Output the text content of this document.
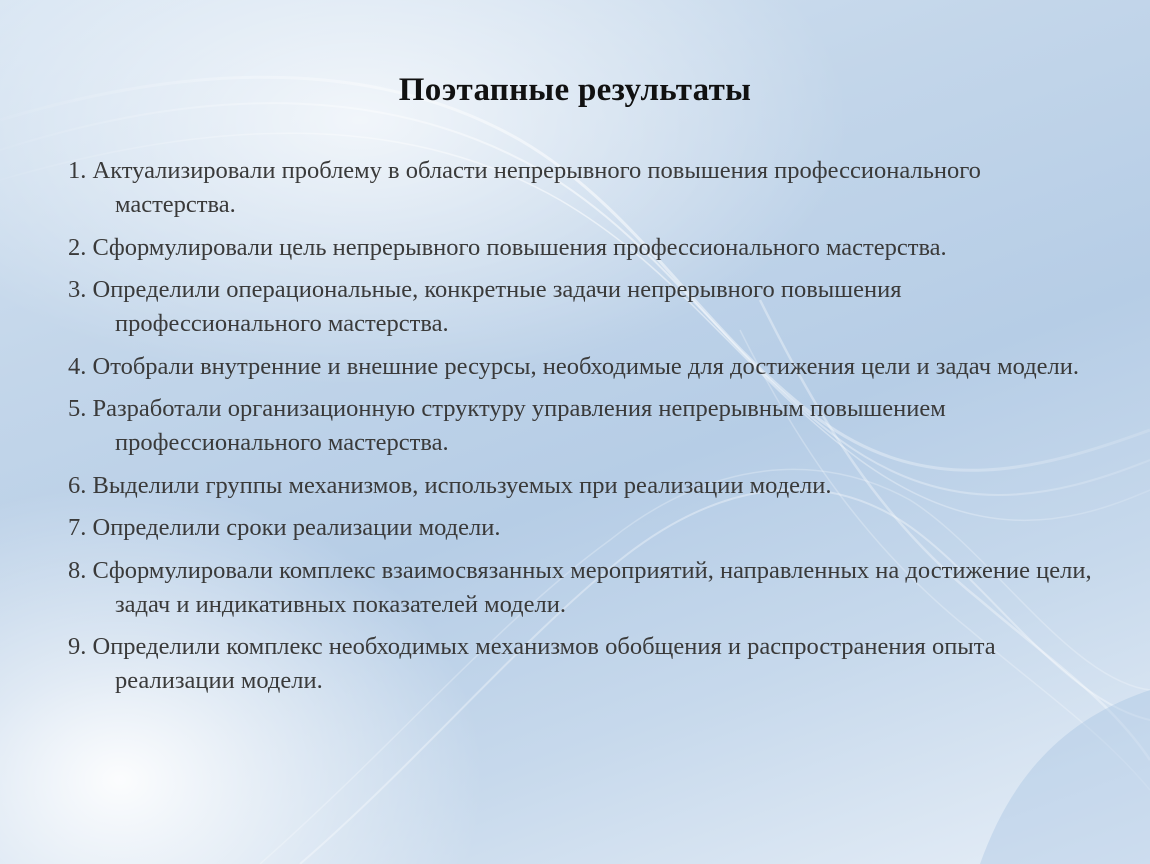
Поэтапные результаты
1. Актуализировали проблему в области непрерывного повышения профессионального мастерства.
2. Сформулировали цель непрерывного повышения профессионального мастерства.
3. Определили операциональные, конкретные задачи непрерывного повышения профессионального мастерства.
4. Отобрали внутренние и внешние ресурсы, необходимые для достижения цели и задач модели.
5. Разработали организационную структуру управления непрерывным повышением профессионального мастерства.
6. Выделили группы механизмов, используемых при реализации модели.
7. Определили сроки реализации модели.
8. Сформулировали комплекс взаимосвязанных мероприятий, направленных на достижение цели, задач и индикативных показателей модели.
9. Определили комплекс необходимых механизмов обобщения и распространения опыта реализации модели.
